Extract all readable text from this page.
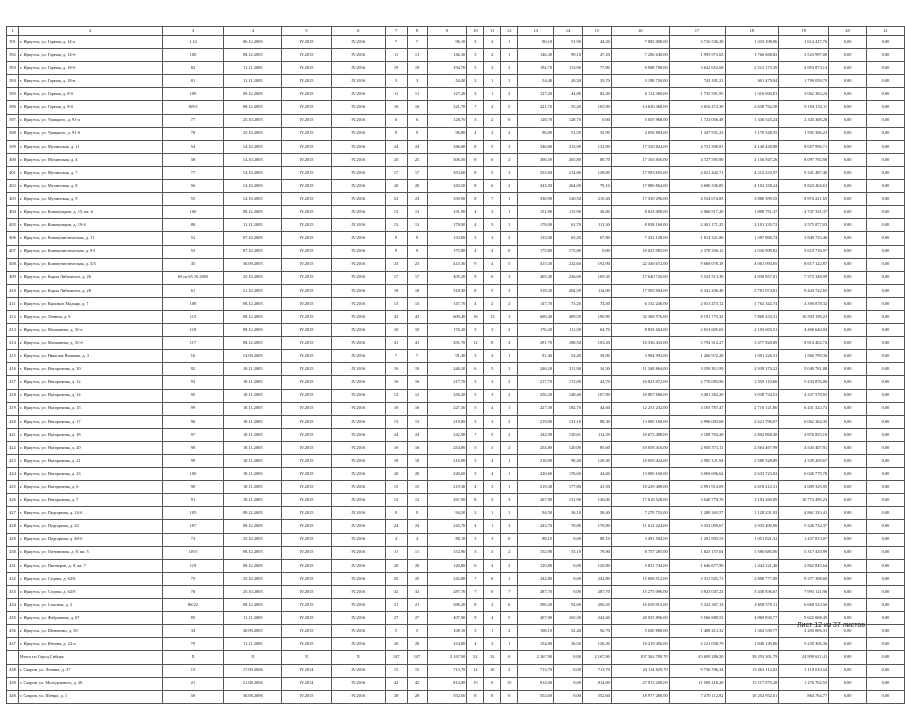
1	2	3	4	5	6	7	8	9	10	11	12	13	14	15	16	17	18	19	20	21
391	г. Иркутск, ул. Горная, д. 14-а	1.12	06.12.2005	IV.2015	IV.2016	7	7	96,10	3	2	1	96,10	51,90	44,20	7 082 000,00	3 716 536,28	1 433 108,96	1 614 427,76	0,00	0,00
392	г. Иркутск, ул. Горная, д. 14-б	100	08.12.2005	IV.2015	IV.2016	11	11	146,30	3	2	1	146,30	99,10	47,20	7 206 640,00	1 995 973,65	1 766 668,82	3 523 997,08	0,00	0,00
393	г. Иркутск, ул. Горная, д. 18-б	82	11.11.2005	IV.2015	IV.2016	19	19	194,70	5	3	2	194,70	113,90	77,80	9 908 700,00	3 642 652,68	2 512 173,39	4 953 873,13	0,00	0,00
394	г. Иркутск, ул. Горная, д. 18-в	81	11.11.2005	IV.2015	IV.2016	3	3	54,40	2	1	1	54,40	20,30	35,70	3 188 720,00	742 181,21	601 479,84	1 799 059,75	0,00	0,00
395	г. Иркутск, ул. Горная, д. 8-б	109	09.12.2005	IV.2015	IV.2016	11	11	127,20	3	1	2	127,20	44,80	82,40	6 114 360,00	1 735 591,95	1 316 694,81	3 062 363,24	0,00	0,00
396	г. Иркутск, ул. Горная, д. 8-б	109/1	08.12.2005	IV.2015	IV.2016	16	16	221,70	7	2	5	221,70	55,20	165,90	14 630 368,00	3 816 472,39	2 638 762,50	9 194 133,11	0,00	0,00
397	г. Иркутск, ул. Урицкого, д. 91-а	77	25.10.2005	IV.2015	IV.2016	6	6	128,70	3	2	0	128,70	128,70	0,00	5 655 968,00	1 723 056,48	1 336 543,24	2 343 368,28	0,00	0,00
398	г. Иркутск, ул. Урицкого, д. 91-б	78	25.10.2005	IV.2015	IV.2016	9	9	96,80	4	2	2	96,80	51,50	35,90	4 056 894,00	1 347 931,23	1 178 548,55	1 595 306,23	0,00	0,00
399	г. Иркутск, ул. Мухинская, д. 11	54	14.10.2005	IV.2015	IV.2016	24	24	346,80	8	5	3	346,80	213,90	132,90	17 329 824,00	4 731 398,81	4 140 428,88	8 657 996,71	0,00	0,00
400	г. Иркутск, ул. Мухинская, д. 4	58	14.10.2005	IV.2015	IV.2016	25	25	306,50	8	6	2	306,50	265,80	80,70	17 165 836,00	4 727 595,90	4 156 947,26	8 097 792,90	0,00	0,00
401	г. Иркутск, ул. Мухинская, д. 7	77	14.10.2005	IV.2015	IV.2016	17	17	353,60	8	5	3	353,60	214,80	138,80	17 583 655,00	4 021 442,71	4 214 233,97	9 341 487,40	0,00	0,00
402	г. Иркутск, ул. Мухинская, д. 8	56	14.10.2005	IV.2015	IV.2016	20	20	343,50	8	6	2	343,50	264,00	79,10	17 086 864,00	4 686 336,85	4 102 330,24	8 822 404,61	0,00	0,00
403	г. Иркутск, ул. Мухинская, д. 9	55	14.10.2005	IV.2015	IV.2016	23	23	330,90	8	7	1	330,90	120,50	210,40	17 339 296,00	4 534 674,85	3 880 399,55	8 874 221,65	0,00	0,00
404	г. Иркутск, ул. Коммунаров, д. 15, кв. 6	106	08.12.2005	IV.2015	IV.2016	13	13	151,90	4	3	1	151,90	115,90	36,00	8 623 000,00	2 066 917,20	1 808 751,37	4 747 331,37	0,00	0,00
405	г. Иркутск, ул. Коммунаров, д. 19-б	80	11.11.2005	IV.2015	IV.2016	13	13	178,00	4	3	1	178,00	61,70	111,30	8 038 160,00	2 401 171,25	2 101 233,72	3 575 877,03	0,00	0,00
406	г. Иркутск, ул. Коммунистическая, д. 11	52	07.10.2005	IV.2015	IV.2016	9	9	133,00	5	3	2	133,00	65,20	67,80	7 252 128,00	1 814 321,86	1 587 860,74	3 849 725,40	0,00	0,00
407	г. Иркутск, ул. Коммунистическая, д. 9/1	53	07.10.2005	IV.2015	IV.2016	9	9	175,80	4	4	0	175,80	175,80	0,00	10 025 985,00	2 378 356,12	2 036 999,82	5 610 716,97	0,00	0,00
408	г. Иркутск, ул. Коммунистическая, д. 3/3	45	30.09.2005	IV.2015	IV.2016	23	23	415,30	9	4	5	415,30	222,60	192,90	22 346 672,00	9 668 070,18	4 061 094,95	8 617 122,87	0,00	0,00
409	г. Иркутск, ул. Карла Либкнехта, д. 26	65 из 65 10.2005	25.10.2005	IV.2015	IV.2016	17	17	405,30	9	6	3	405,30	236,00	169,30	17 640 720,00	5 523 513,39	4 830 857,01	7 375 348,99	0,00	0,00
410	г. Иркутск, ул. Карла Либкнехта, д. 28	61	21.10.2005	IV.2015	IV.2016	18	18	318,30	8	5	3	318,30	204,50	114,00	17 565 904,00	6 341 206,48	3 781 974,81	9 443 722,65	0,00	0,00
411	г. Иркутск, ул. Красных Мадьяр, д. 7	108	08.12.2005	IV.2015	IV.2016	13	13	147,70	4	2	2	147,70	73,20	74,50	6 152 246,00	2 013 473,12	1 762 342,74	4 390 878,32	0,00	0,00
412	г. Иркутск, ул. Ленина, д. 9	113	08.12.2005	IV.2015	IV.2016	43	43	600,40	16	13	3	600,40	409,50	190,90	32 368 576,00	8 191 775,32	7 868 433,31	16 593 198,23	0,00	0,00
413	г. Иркутск, ул. Малышева, д. 31-а	118	08.12.2005	IV.2015	IV.2016	10	10	176,20	5	3	2	176,20	111,50	64,70	8 835 604,00	2 613 605,63	2 103 603,51	4 466 640,04	0,00	0,00
414	г. Иркутск, ул. Малышева, д. 31-б	117	08.12.2005	IV.2015	IV.2016	41	41	291,70	12	8	4	291,70	188,50	103,20	16 336 433,00	3 794 312,27	3 477 820,89	8 814 402,74	0,00	0,00
415	г. Иркутск, ул. Николая Вилкова, д. 3	16	14.09.2005	IV.2015	IV.2016	7	7	91,40	3	2	1	91,40	52,40	39,00	3 904 992,00	1 266 972,28	1 001 220,31	1 566 799,30	0,00	0,00
416	г. Иркутск, ул. Нагорочная, д. 10	92	18.11.2005	IV.2015	IV.2016	10	10	246,20	6	5	1	246,20	211,90	34,30	11 348 864,00	3 358 811,99	2 939 370,22	5 049 781,80	0,00	0,00
417	г. Иркутск, ул. Нагорочная, д. 12	93	18.11.2005	IV.2015	IV.2016	16	16	217,70	5	3	2	217,70	172,00	44,70	10 823 072,00	2 770 083,96	2 559 110,66	5 233 876,00	0,00	0,00
418	г. Иркутск, ул. Нагорочная, д. 14	95	18.11.2005	IV.2015	IV.2016	12	12	256,20	5	3	2	256,20	148,40	107,80	10 807 680,00	3 401 363,29	3 038 734,53	4 337 578,83	0,00	0,00
419	г. Иркутск, ул. Нагорочная, д. 15	99	18.11.2005	IV.2015	IV.2016	16	16	227,30	5	4	1	227,30	182,70	44,60	12 251 232,00	3 103 787,47	2 716 121,80	6 431 322,73	0,00	0,00
420	г. Иркутск, ул. Нагорочная, д. 17	96	18.11.2005	IV.2015	IV.2016	13	13	219,00	5	3	2	219,00	131,10	88,30	13 080 160,00	2 996 003,68	2 621 796,07	6 062 364,35	0,00	0,00
421	г. Иркутск, ул. Нагорочная, д. 18	97	18.11.2005	IV.2015	IV.2016	24	24	242,90	7	5	2	242,90	130,61	112,29	10 673 488,00	3 108 794,28	2 802 868,30	4 876 855,10	0,00	0,00
422	г. Иркутск, ул. Нагорочная, д. 20	98	18.11.2005	IV.2015	IV.2016	16	16	254,80	5	3	2	254,80	120,00	85,60	10 058 416,00	2 950 571,11	2 564 467,99	4 543 407,91	0,00	0,00
423	г. Иркутск, ул. Нагорочная, д. 21	99	18.11.2005	IV.2015	IV.2016	18	18	216,90	5	4	1	216,90	98,40	120,30	10 059 424,00	2 985 131,94	2 580 528,89	4 339 269,67	0,00	0,00
424	г. Иркутск, ул. Нагорочная, д. 23	100	18.11.2005	IV.2015	IV.2016	20	20	220,60	5	4	1	220,60	176,60	44,60	13 080 160,00	3 069 696,62	2 633 723,02	6 026 779,78	0,00	0,00
425	г. Иркутск, ул. Нагорочная, д. 6	90	18.11.2005	IV.2015	IV.2016	15	15	219,30	4	3	1	219,30	177,80	41,50	10 229 408,00	2 991 914,09	2 618 212,31	4 609 325,95	0,00	0,00
426	г. Иркутск, ул. Нагорочная, д. 7	91	18.11.2005	IV.2015	IV.2016	12	12	267,90	8	5	3	267,90	131,90	136,00	17 616 528,00	3 640 770,76	3 193 260,09	10 772 490,23	0,00	0,00
427	г. Иркутск, ул. Подгорная, д. 14-б	105	08.12.2005	IV.2015	IV.2016	9	9	94,50	2	1	1	94,50	36,10	58,40	7 278 752,00	1 280 265,57	1 128 251,02	4 861 333,41	0,00	0,00
428	г. Иркутск, ул. Подгорная, д. 24	107	08.12.2005	IV.2015	IV.2016	24	24	243,70	4	1	3	243,70	70,80	176,90	11 612 224,00	3 352 090,67	2 933 400,96	5 326 732,37	0,00	0,00
429	г. Иркутск, ул. Подгорная, д. 48-б	73	25.10.2005	IV.2015	IV.2016	4	4	88,10	3	3	0	88,10	0,00	88,10	3 491 584,00	1 201 993,53	1 051 821,32	1 437 813,07	0,00	0,00
430	г. Иркутск, ул. Оптимизма, д. 8, кв. 5	119/1	08.12.2005	IV.2015	IV.2016	11	11	152,90	3	3	2	152,90	53,10	79,80	8 757 285,00	1 825 157,04	1 586 685,00	5 317 435,99	0,00	0,00
431	г. Иркутск, ул. Пионеров, д. 8, кв. 7	119	08.12.2005	IV.2015	IV.2016	20	20	120,80	6	4	2	120,80	0,00	120,80	5 831 744,00	1 646 677,90	1 442 221,40	2 862 845,64	0,00	0,00
432	г. Иркутск, ул. Седова, д. 62/6	75	25.10.2005	IV.2015	IV.2016	25	25	242,80	7	6	1	242,80	0,00	242,80	15 608 512,00	3 313 925,71	2 898 777,09	9 377 308,60	0,00	0,00
433	г. Иркутск, ул. Седова, д. 62/9	76	25.10.2005	IV.2015	IV.2016	32	32	287,70	7	0	7	287,70	0,00	287,70	15 275 096,00	3 923 047,23	3 430 836,67	7 993 121,96	0,00	0,00
434	г. Иркутск, ул. Спасная, д. 2	86/22	08.12.2005	IV.2015	IV.2016	21	21	396,20	8	2	6	396,20	92,00	296,20	16 639 913,00	5 323 307,13	4 658 579,11	6 668 523,56	0,00	0,00
435	г. Иркутск, ул. Фабричная, д. 67	85	11.11.2005	IV.2015	IV.2016	27	27	407,90	9	4	5	407,90	165,30	242,60	20 035 896,00	5 566 888,52	4 869 830,77	9 622 068,45	0,00	0,00
436	г. Иркутск, ул. Шевченко, д. 50	33	30.09.2005	IV.2015	IV.2016	5	5	108,10	3	1	2	108,10	52,40	56,70	5 020 880,00	1 488 413,32	1 302 539,77	2 203 896,31	0,00	0,00
437	г. Иркутск, ул. Юнона, д. 23-а	79	11.11.2005	IV.2015	IV.2016	20	20	154,80	4	3	1	154,80	36,50	126,30	10 219 456,00	2 121 038,79	1 840 149,86	5 239 306,36	0,00	0,00
	Итого по Город Сибирь	X	X	X	X	147	147	2 167,90	52	52	0	2 167,90	0,00	2 167,90	107 362 709,70	43 609 286,50	39 253 301,79	24 999 621,41	0,00	0,00
438	г. Саяров, ул. Ленина, д. 37	15	17.09.2006	IV.2014	IV.2016	15	15	713,70	12	10	2	713,70	0,00	713,70	24 114 829,70	9 736 706,34	13 262 112,82	1 119 010,54	0,00	0,00
439	г. Саяров, ул. Молодежного, д. 28	21	21.08.2006	IV.2014	IV.2016	42	42	814,00	15	0	15	814,00	0,00	814,00	27 913 200,00	11 509 418,28	15 117 079,28	1 276 702,53	0,00	0,00
440	г. Саяров, ул. Шевро, д. 1	50	30.08.2006	IV.2015	IV.2016	28	28	552,60	8	8	0	552,60	0,00	552,60	18 977 280,00	7 470 112,82	10 252 952,61	864 764,77	0,00	0,00
Лист 12 из 37 листов
